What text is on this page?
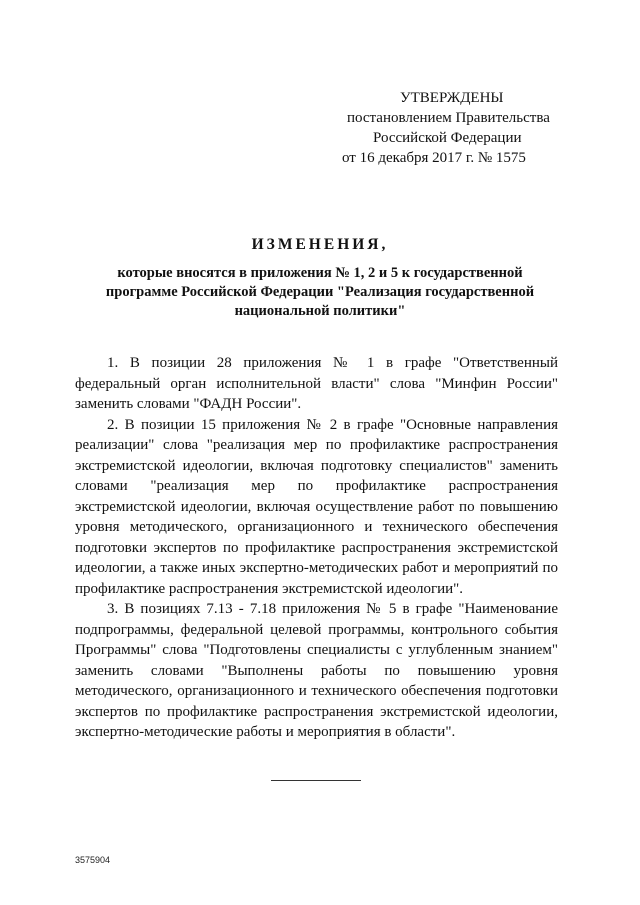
УТВЕРЖДЕНЫ
постановлением Правительства
Российской Федерации
от 16 декабря 2017 г. № 1575
ИЗМЕНЕНИЯ,
которые вносятся в приложения № 1, 2 и 5 к государственной
программе Российской Федерации "Реализация государственной
национальной политики"
1. В позиции 28 приложения № 1 в графе "Ответственный
федеральный орган исполнительной власти" слова "Минфин России"
заменить словами "ФАДН России".
2. В позиции 15 приложения № 2 в графе "Основные направления
реализации" слова "реализация мер по профилактике распространения
экстремистской идеологии, включая подготовку специалистов" заменить
словами "реализация мер по профилактике распространения
экстремистской идеологии, включая осуществление работ по повышению
уровня методического, организационного и технического обеспечения
подготовки экспертов по профилактике распространения экстремистской
идеологии, а также иных экспертно-методических работ и мероприятий по
профилактике распространения экстремистской идеологии".
3. В позициях 7.13 - 7.18 приложения № 5 в графе "Наименование
подпрограммы, федеральной целевой программы, контрольного события
Программы" слова "Подготовлены специалисты с углубленным знанием"
заменить словами "Выполнены работы по повышению уровня
методического, организационного и технического обеспечения подготовки
экспертов по профилактике распространения экстремистской идеологии,
экспертно-методические работы и мероприятия в области".
3575904
